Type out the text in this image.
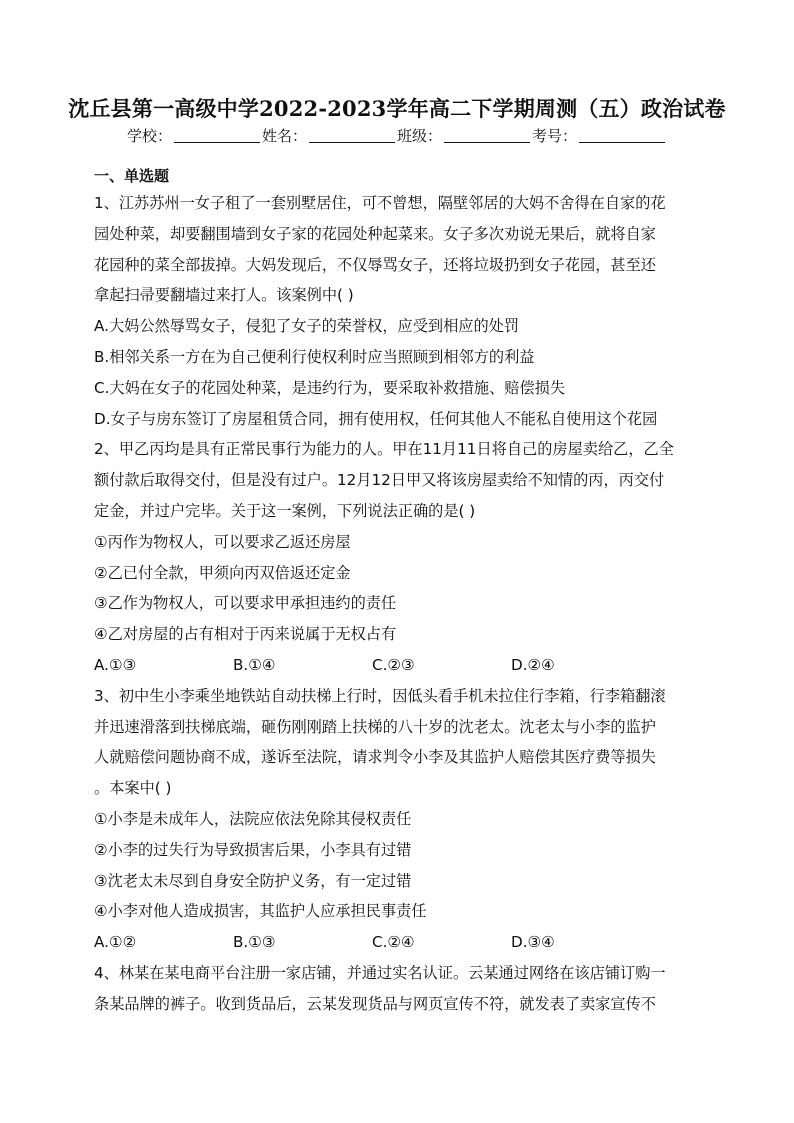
沈丘县第一高级中学2022-2023学年高二下学期周测（五）政治试卷
学校：	姓名：	班级：	考号：
一、单选题
1、江苏苏州一女子租了一套别墅居住，可不曾想，隔壁邻居的大妈不舍得在自家的花
园处种菜，却要翻围墙到女子家的花园处种起菜来。女子多次劝说无果后，就将自家
花园种的菜全部拔掉。大妈发现后，不仅辱骂女子，还将垃圾扔到女子花园，甚至还
拿起扫帚要翻墙过来打人。该案例中( )
A.大妈公然辱骂女子，侵犯了女子的荣誉权，应受到相应的处罚
B.相邻关系一方在为自己便利行使权利时应当照顾到相邻方的利益
C.大妈在女子的花园处种菜，是违约行为，要采取补救措施、赔偿损失
D.女子与房东签订了房屋租赁合同，拥有使用权，任何其他人不能私自使用这个花园
2、甲乙丙均是具有正常民事行为能力的人。甲在11月11日将自己的房屋卖给乙，乙全
额付款后取得交付，但是没有过户。12月12日甲又将该房屋卖给不知情的丙，丙交付
定金，并过户完毕。关于这一案例，下列说法正确的是( )
①丙作为物权人，可以要求乙返还房屋
②乙已付全款，甲须向丙双倍返还定金
③乙作为物权人，可以要求甲承担违约的责任
④乙对房屋的占有相对于丙来说属于无权占有
A.①③	B.①④	C.②③	D.②④
3、初中生小李乘坐地铁站自动扶梯上行时，因低头看手机未拉住行李箱，行李箱翻滚
并迅速滑落到扶梯底端，砸伤刚刚踏上扶梯的八十岁的沈老太。沈老太与小李的监护
人就赔偿问题协商不成，遂诉至法院，请求判令小李及其监护人赔偿其医疗费等损失
。本案中( )
①小李是未成年人，法院应依法免除其侵权责任
②小李的过失行为导致损害后果，小李具有过错
③沈老太未尽到自身安全防护义务，有一定过错
④小李对他人造成损害，其监护人应承担民事责任
A.①②	B.①③	C.②④	D.③④
4、林某在某电商平台注册一家店铺，并通过实名认证。云某通过网络在该店铺订购一
条某品牌的裤子。收到货品后，云某发现货品与网页宣传不符，就发表了卖家宣传不
